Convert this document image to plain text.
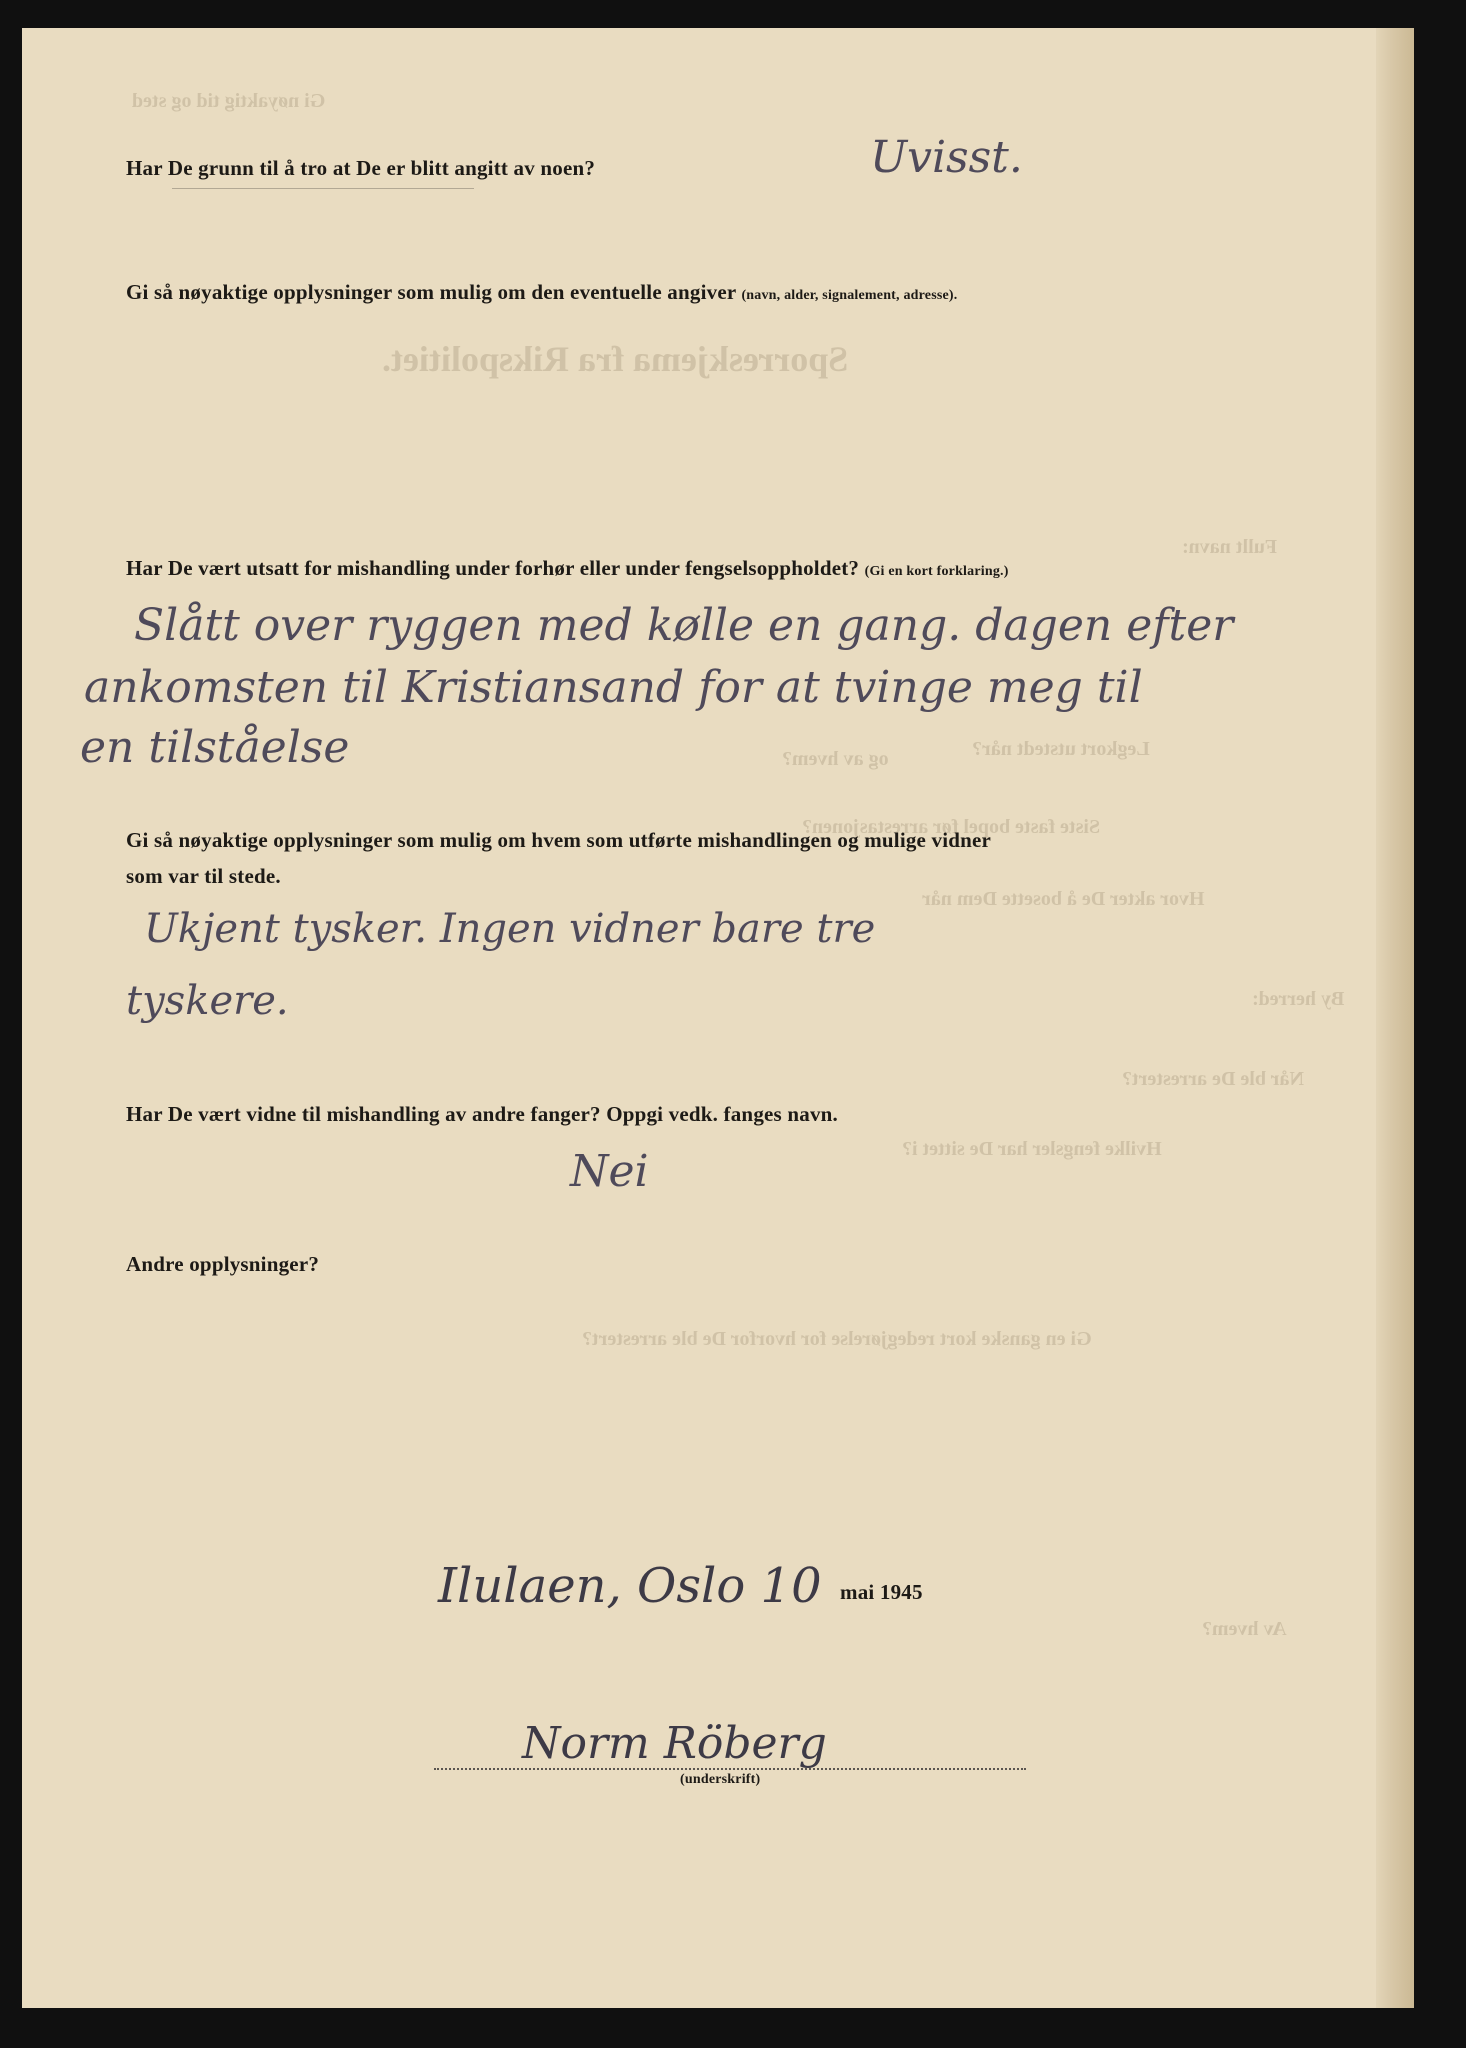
Sporreskjema fra Rikspolitiet.
Fullt navn:
Legkort utstedt når?
og av hvem?
Siste faste bopel før arrestasjonen?
Hvor akter De å bosette Dem når
By herred:
Når ble De arrestert?
Hvilke fengsler har De sittet i?
Gi en ganske kort redegjørelse for hvorfor De ble arrestert?
Av hvem?
Gi nøyaktig tid og sted
Har De grunn til å tro at De er blitt angitt av noen?	Uvisst.
Gi så nøyaktige opplysninger som mulig om den eventuelle angiver (navn, alder, signalement, adresse).
Har De vært utsatt for mishandling under forhør eller under fengselsoppholdet? (Gi en kort forklaring.)
Slått over ryggen med kølle en gang. dagen efter
ankomsten til Kristiansand for at tvinge meg til
en tilståelse
Gi så nøyaktige opplysninger som mulig om hvem som utførte mishandlingen og mulige vidner
som var til stede.
Ukjent tysker. Ingen vidner bare tre
tyskere.
Har De vært vidne til mishandling av andre fanger? Oppgi vedk. fanges navn.
Nei
Andre opplysninger?
Ilulaen, Oslo 10 mai 1945
Norm Röberg
(underskrift)
